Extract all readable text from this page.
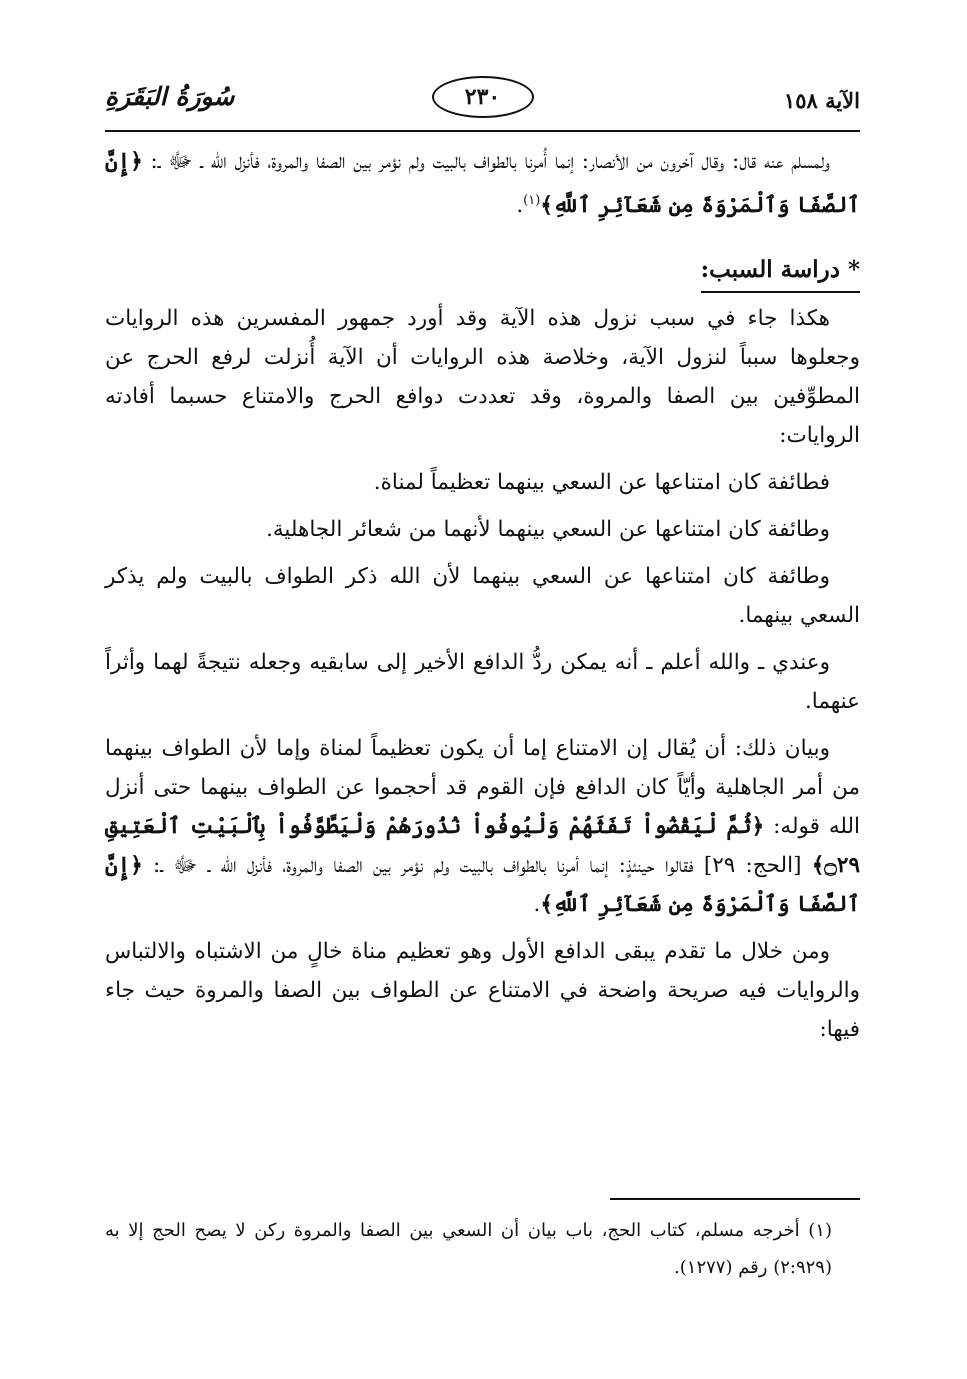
الآية ١٥٨
٢٣٠
سُورَةُ البَقَرَةِ

ولمسلم عنه قال: وقال آخرون من الأنصار: إنما أُمرنا بالطواف بالبيت ولم نؤمر بين الصفا والمروة، فأنزل الله ـ ﷻ ـ: ﴿إِنَّ ٱلصَّفَا وَٱلْمَرْوَةَ مِن شَعَآئِرِ ٱللَّهِ﴾$^{(١)}$.

* دراسة السبب:

هكذا جاء في سبب نزول هذه الآية وقد أورد جمهور المفسرين هذه الروايات وجعلوها سبباً لنزول الآية، وخلاصة هذه الروايات أن الآية أُنزلت لرفع الحرج عن المطوِّفين بين الصفا والمروة، وقد تعددت دوافع الحرج والامتناع حسبما أفادته الروايات:

فطائفة كان امتناعها عن السعي بينهما تعظيماً لمناة.

وطائفة كان امتناعها عن السعي بينهما لأنهما من شعائر الجاهلية.

وطائفة كان امتناعها عن السعي بينهما لأن الله ذكر الطواف بالبيت ولم يذكر السعي بينهما.

وعندي ـ والله أعلم ـ أنه يمكن ردُّ الدافع الأخير إلى سابقيه وجعله نتيجةً لهما وأثراً عنهما.

وبيان ذلك: أن يُقال إن الامتناع إما أن يكون تعظيماً لمناة وإما لأن الطواف بينهما من أمر الجاهلية وأيّاً كان الدافع فإن القوم قد أحجموا عن الطواف بينهما حتى أنزل الله قوله: ﴿ثُمَّ لْيَقْضُواْ تَفَثَهُمْ وَلْيُوفُواْ نُذُورَهُمْ وَلْيَطَّوَّفُواْ بِٱلْبَيْتِ ٱلْعَتِيقِ ۝٢٩﴾ [الحج: ٢٩] فقالوا حينئذٍ: إنما أمرنا بالطواف بالبيت ولم نؤمر بين الصفا والمروة، فأنزل الله ـ ﷻ ـ: ﴿إِنَّ ٱلصَّفَا وَٱلْمَرْوَةَ مِن شَعَآئِرِ ٱللَّهِ﴾.

ومن خلال ما تقدم يبقى الدافع الأول وهو تعظيم مناة خالٍ من الاشتباه والالتباس والروايات فيه صريحة واضحة في الامتناع عن الطواف بين الصفا والمروة حيث جاء فيها:

(١) أخرجه مسلم، كتاب الحج، باب بيان أن السعي بين الصفا والمروة ركن لا يصح الحج إلا به (٢:٩٢٩) رقم (١٢٧٧).
